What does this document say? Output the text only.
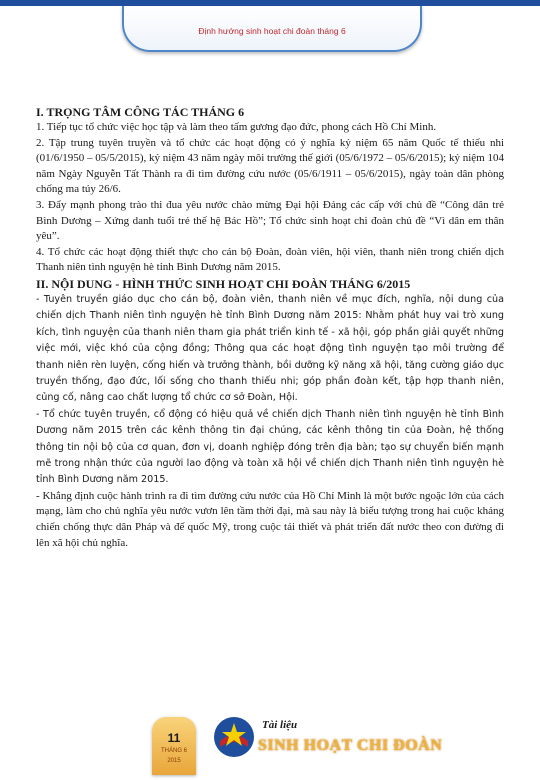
Định hướng sinh hoạt chi đoàn tháng 6

I. TRỌNG TÂM CÔNG TÁC THÁNG 6

1. Tiếp tục tổ chức việc học tập và làm theo tấm gương đạo đức, phong cách Hồ Chí Minh.

2. Tập trung tuyên truyền và tổ chức các hoạt động có ý nghĩa kỷ niệm 65 năm Quốc tế thiếu nhi (01/6/1950 – 05/5/2015), kỷ niệm 43 năm ngày môi trường thế giới (05/6/1972 – 05/6/2015); kỷ niệm 104 năm Ngày Nguyễn Tất Thành ra đi tìm đường cứu nước (05/6/1911 – 05/6/2015), ngày toàn dân phòng chống ma túy 26/6.

3. Đẩy mạnh phong trào thi đua yêu nước chào mừng Đại hội Đảng các cấp với chủ đề “Công dân trẻ Bình Dương – Xứng danh tuổi trẻ thế hệ Bác Hồ”; Tổ chức sinh hoạt chi đoàn chủ đề “Vì dân em thân yêu”.

4. Tổ chức các hoạt động thiết thực cho cán bộ Đoàn, đoàn viên, hội viên, thanh niên trong chiến dịch Thanh niên tình nguyện hè tỉnh Bình Dương năm 2015.

II. NỘI DUNG - HÌNH THỨC SINH HOẠT CHI ĐOÀN THÁNG 6/2015

- Tuyên truyền giáo dục cho cán bộ, đoàn viên, thanh niên về mục đích, nghĩa, nội dung của chiến dịch Thanh niên tình nguyện hè tỉnh Bình Dương năm 2015: Nhằm phát huy vai trò xung kích, tình nguyện của thanh niên tham gia phát triển kinh tế - xã hội, góp phần giải quyết những việc mới, việc khó của cộng đồng; Thông qua các hoạt động tình nguyện tạo môi trường để thanh niên rèn luyện, cống hiến và trưởng thành, bồi dưỡng kỹ năng xã hội, tăng cường giáo dục truyền thống, đạo đức, lối sống cho thanh thiếu nhi; góp phần đoàn kết, tập hợp thanh niên, củng cố, nâng cao chất lượng tổ chức cơ sở Đoàn, Hội.

- Tổ chức tuyên truyền, cổ động có hiệu quả về chiến dịch Thanh niên tình nguyện hè tỉnh Bình Dương năm 2015 trên các kênh thông tin đại chúng, các kênh thông tin của Đoàn, hệ thống thông tin nội bộ của cơ quan, đơn vị, doanh nghiệp đóng trên địa bàn; tạo sự chuyển biến mạnh mẽ trong nhận thức của người lao động và toàn xã hội về chiến dịch Thanh niên tình nguyện hè tỉnh Bình Dương năm 2015.

- Khẳng định cuộc hành trình ra đi tìm đường cứu nước của Hồ Chí Minh là một bước ngoặc lớn của cách mạng, làm cho chủ nghĩa yêu nước vươn lên tầm thời đại, mà sau này là biểu tượng trong hai cuộc kháng chiến chống thực dân Pháp và đế quốc Mỹ, trong cuộc tái thiết và phát triển đất nước theo con đường đi lên xã hội chủ nghĩa.

11
THÁNG 6
2015
Tài liệu
SINH HOẠT CHI ĐOÀN
